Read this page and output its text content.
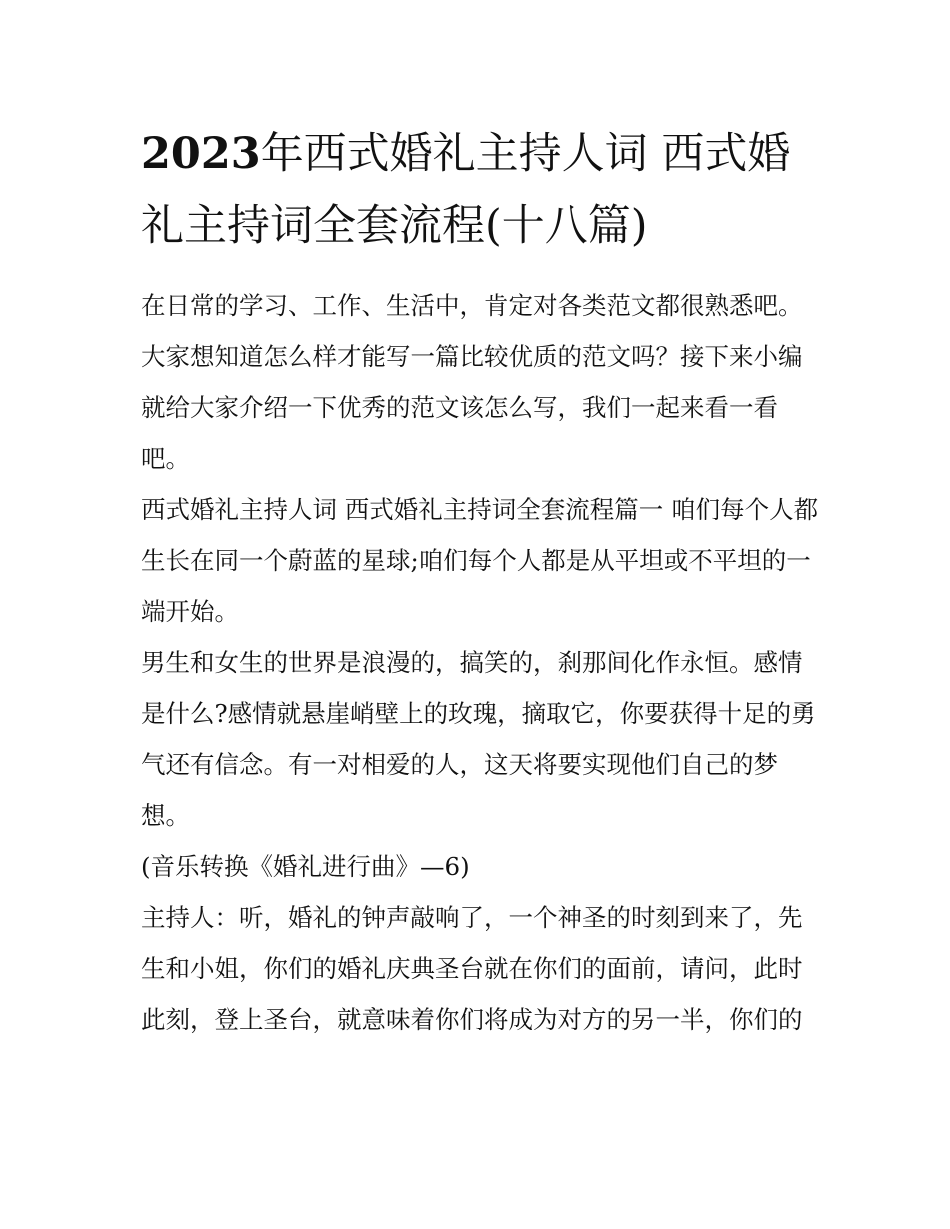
2023年西式婚礼主持人词 西式婚礼主持词全套流程(十八篇)

在日常的学习、工作、生活中，肯定对各类范文都很熟悉吧。大家想知道怎么样才能写一篇比较优质的范文吗？接下来小编就给大家介绍一下优秀的范文该怎么写，我们一起来看一看吧。

西式婚礼主持人词 西式婚礼主持词全套流程篇一 咱们每个人都生长在同一个蔚蓝的星球;咱们每个人都是从平坦或不平坦的一端开始。

男生和女生的世界是浪漫的，搞笑的，刹那间化作永恒。感情是什么?感情就悬崖峭壁上的玫瑰，摘取它，你要获得十足的勇气还有信念。有一对相爱的人，这天将要实现他们自己的梦想。

(音乐转换《婚礼进行曲》—6)

主持人：听，婚礼的钟声敲响了，一个神圣的时刻到来了，先生和小姐，你们的婚礼庆典圣台就在你们的面前，请问，此时此刻，登上圣台，就意味着你们将成为对方的另一半，你们的
